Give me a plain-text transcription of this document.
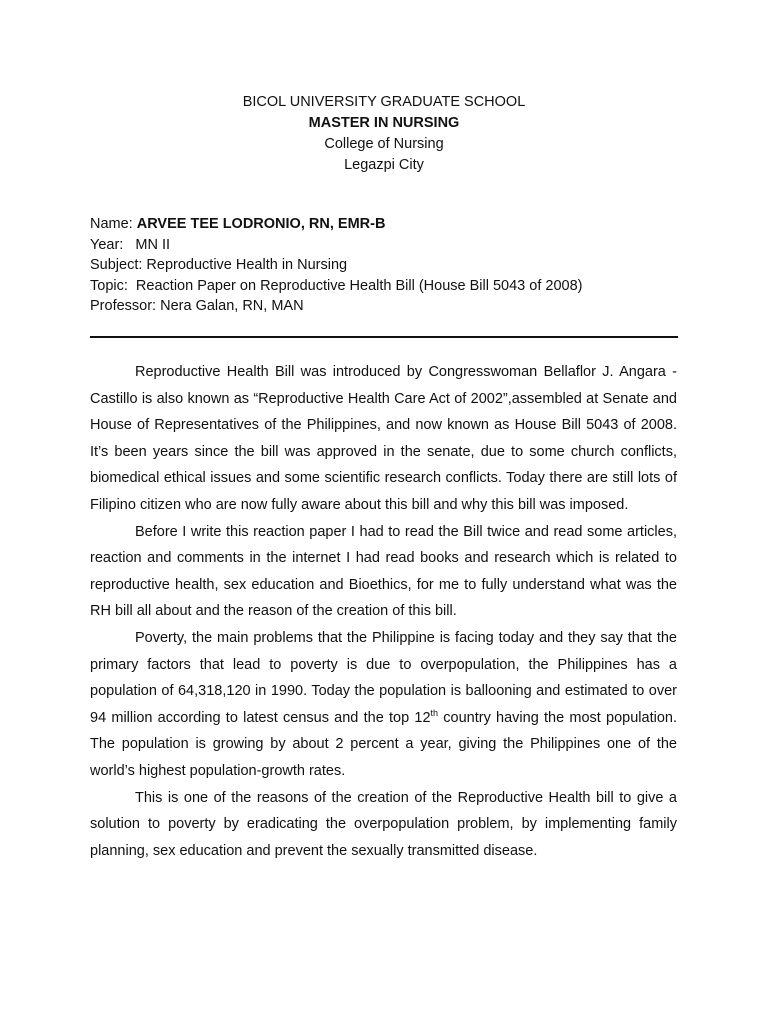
BICOL UNIVERSITY GRADUATE SCHOOL
MASTER IN NURSING
College of Nursing
Legazpi City
Name: ARVEE TEE LODRONIO, RN, EMR-B
Year:   MN II
Subject: Reproductive Health in Nursing
Topic:  Reaction Paper on Reproductive Health Bill (House Bill 5043 of 2008)
Professor: Nera Galan, RN, MAN

Reproductive Health Bill was introduced by Congresswoman Bellaflor J. Angara -Castillo is also known as “Reproductive Health Care Act of 2002”,assembled at Senate and House of Representatives of the Philippines, and now known as House Bill 5043 of 2008. It’s been years since the bill was approved in the senate, due to some church conflicts, biomedical ethical issues and some scientific research conflicts. Today there are still lots of Filipino citizen who are now fully aware about this bill and why this bill was imposed.

Before I write this reaction paper I had to read the Bill twice and read some articles, reaction and comments in the internet I had read books and research which is related to reproductive health, sex education and Bioethics, for me to fully understand what was the RH bill all about and the reason of the creation of this bill.

Poverty, the main problems that the Philippine is facing today and they say that the primary factors that lead to poverty is due to overpopulation, the Philippines has a population of 64,318,120 in 1990. Today the population is ballooning and estimated to over 94 million according to latest census and the top 12th country having the most population. The population is growing by about 2 percent a year, giving the Philippines one of the world’s highest population-growth rates.

This is one of the reasons of the creation of the Reproductive Health bill to give a solution to poverty by eradicating the overpopulation problem, by implementing family planning, sex education and prevent the sexually transmitted disease.
